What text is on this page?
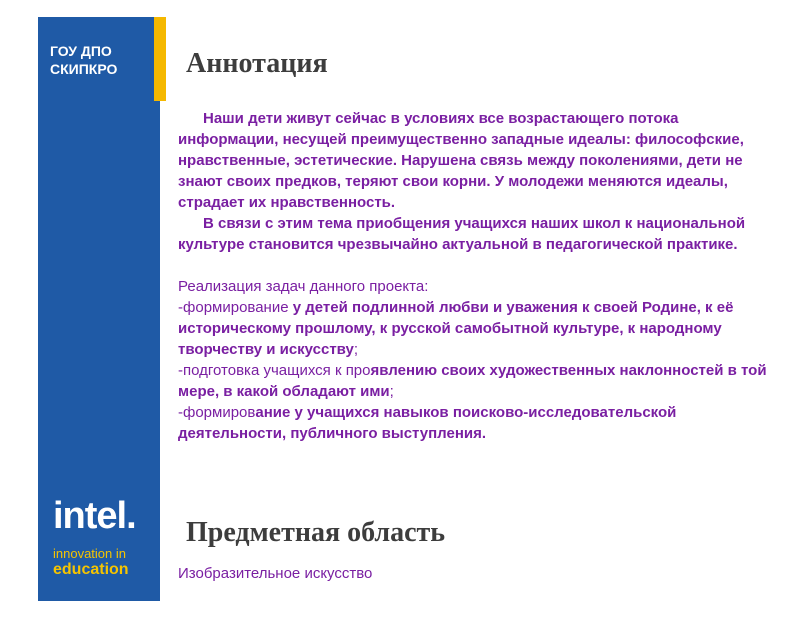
ГОУ ДПО
СКИПКРО
intel.
innovation in
education
Аннотация

Наши дети живут сейчас в условиях все возрастающего потока информации, несущей преимущественно западные идеалы: философские, нравственные, эстетические. Нарушена связь между поколениями, дети не знают своих предков, теряют свои корни. У молодежи меняются идеалы, страдает их нравственность.

В связи с этим тема приобщения учащихся наших школ к национальной культуре становится чрезвычайно актуальной в педагогической практике.

Реализация задач данного проекта:

-формирование у детей подлинной любви и уважения к своей Родине, к её историческому прошлому, к русской самобытной культуре, к народному творчеству и искусству;

-подготовка учащихся к проявлению своих художественных наклонностей в той мере, в какой обладают ими;

-формирование у учащихся навыков поисково-исследовательской деятельности, публичного выступления.

Предметная область
Изобразительное искусство
